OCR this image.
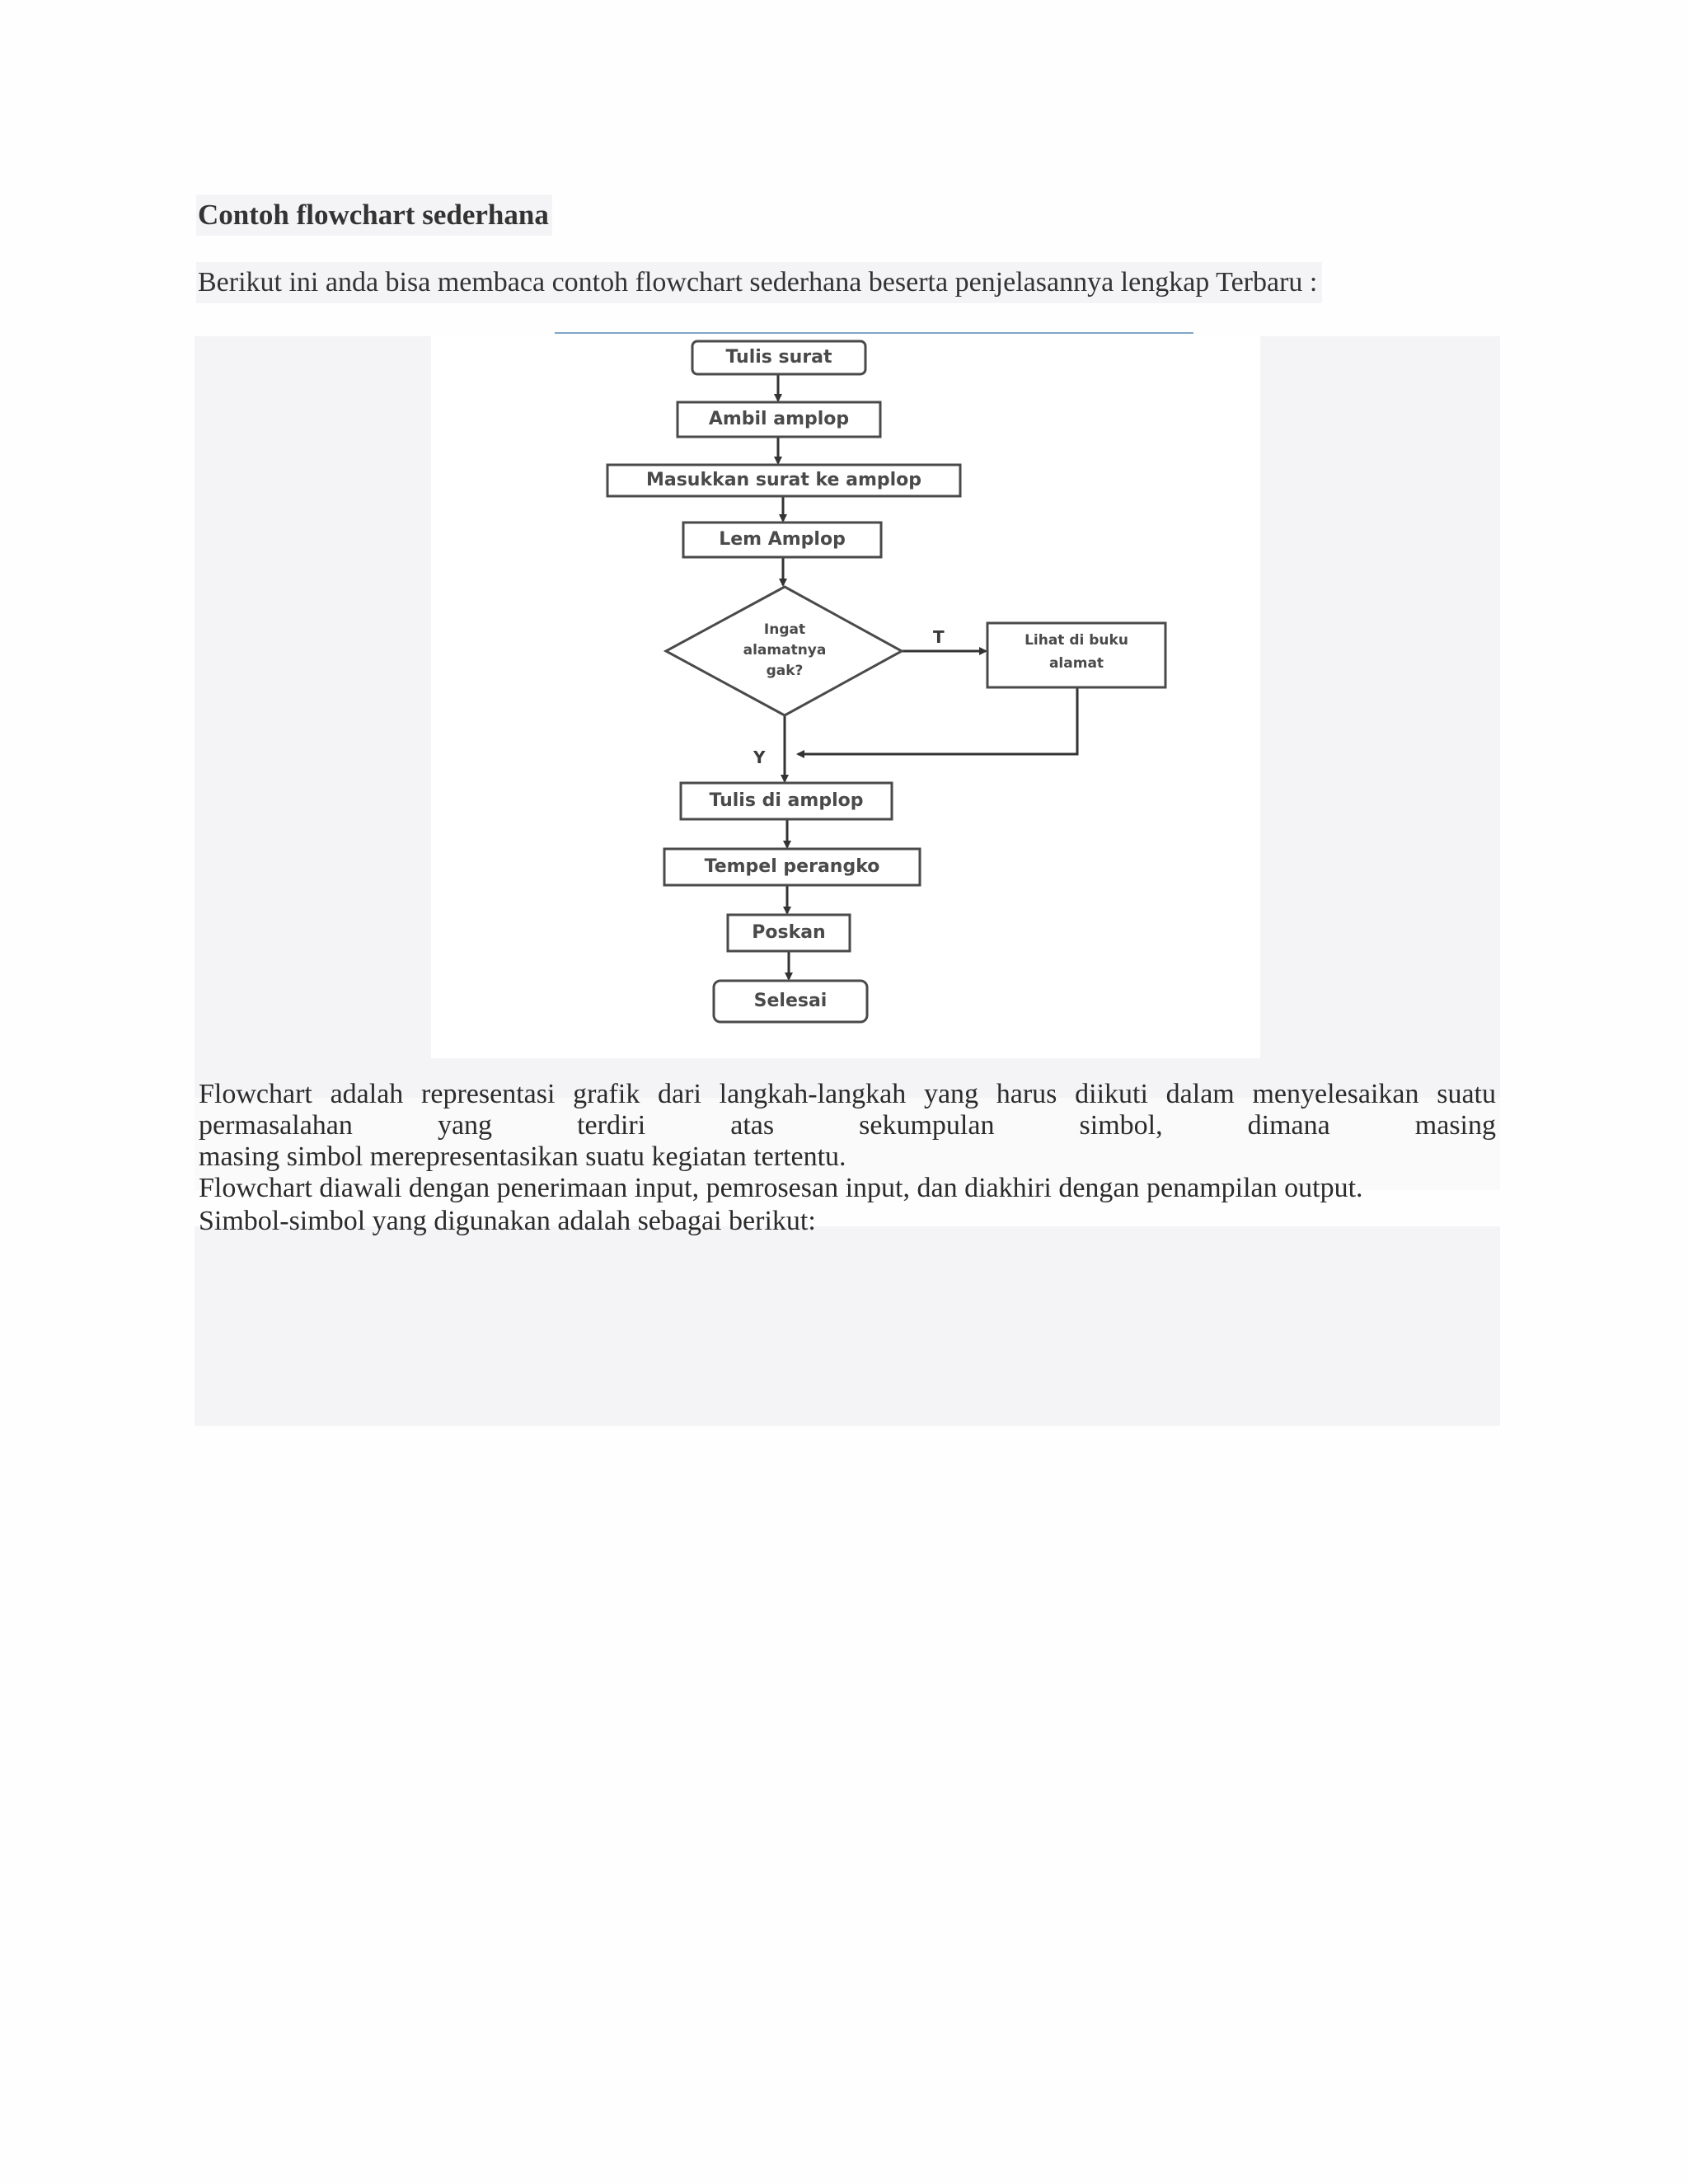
Contoh flowchart sederhana
Berikut ini anda bisa membaca contoh flowchart sederhana beserta penjelasannya lengkap Terbaru :
Tulis surat
Ambil amplop
Masukkan surat ke amplop
Lem Amplop
Ingat
alamatnya
gak?
T	Lihat di buku
alamat
Y
Tulis di amplop
Tempel perangko
Poskan
Selesai
Flowchart adalah representasi grafik dari langkah-langkah yang harus diikuti dalam menyelesaikan suatu
permasalahan yang terdiri atas sekumpulan simbol, dimana masing
masing simbol merepresentasikan suatu kegiatan tertentu.
Flowchart diawali dengan penerimaan input, pemrosesan input, dan diakhiri dengan penampilan output.
Simbol-simbol yang digunakan adalah sebagai berikut:
